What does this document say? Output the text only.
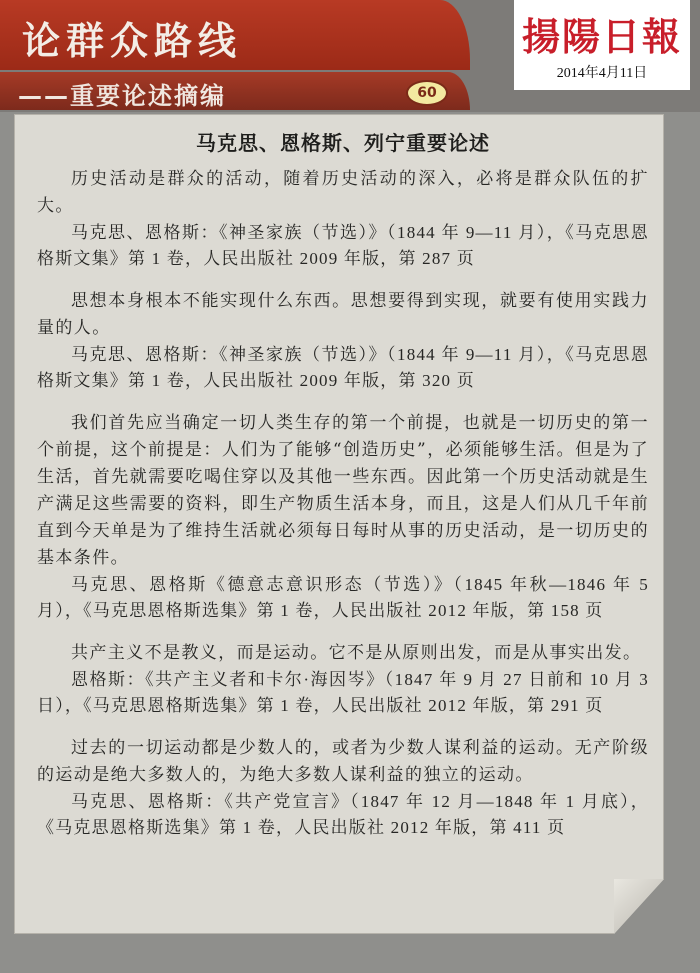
论群众路线
——重要论述摘编	60
揚陽日報
2014年4月11日
马克思、恩格斯、列宁重要论述

历史活动是群众的活动，随着历史活动的深入，必将是群众队伍的扩大。

马克思、恩格斯：《神圣家族（节选）》（1844 年 9—11 月），《马克思恩格斯文集》第 1 卷，人民出版社 2009 年版，第 287 页

思想本身根本不能实现什么东西。思想要得到实现，就要有使用实践力量的人。

马克思、恩格斯：《神圣家族（节选）》（1844 年 9—11 月），《马克思恩格斯文集》第 1 卷，人民出版社 2009 年版，第 320 页

我们首先应当确定一切人类生存的第一个前提，也就是一切历史的第一个前提，这个前提是：人们为了能够“创造历史”，必须能够生活。但是为了生活，首先就需要吃喝住穿以及其他一些东西。因此第一个历史活动就是生产满足这些需要的资料，即生产物质生活本身，而且，这是人们从几千年前直到今天单是为了维持生活就必须每日每时从事的历史活动，是一切历史的基本条件。

马克思、恩格斯《德意志意识形态（节选）》（1845 年秋—1846 年 5 月），《马克思恩格斯选集》第 1 卷，人民出版社 2012 年版，第 158 页

共产主义不是教义，而是运动。它不是从原则出发，而是从事实出发。

恩格斯：《共产主义者和卡尔·海因岑》（1847 年 9 月 27 日前和 10 月 3 日），《马克思恩格斯选集》第 1 卷，人民出版社 2012 年版，第 291 页

过去的一切运动都是少数人的，或者为少数人谋利益的运动。无产阶级的运动是绝大多数人的，为绝大多数人谋利益的独立的运动。

马克思、恩格斯：《共产党宣言》（1847 年 12 月—1848 年 1 月底），《马克思恩格斯选集》第 1 卷，人民出版社 2012 年版，第 411 页
